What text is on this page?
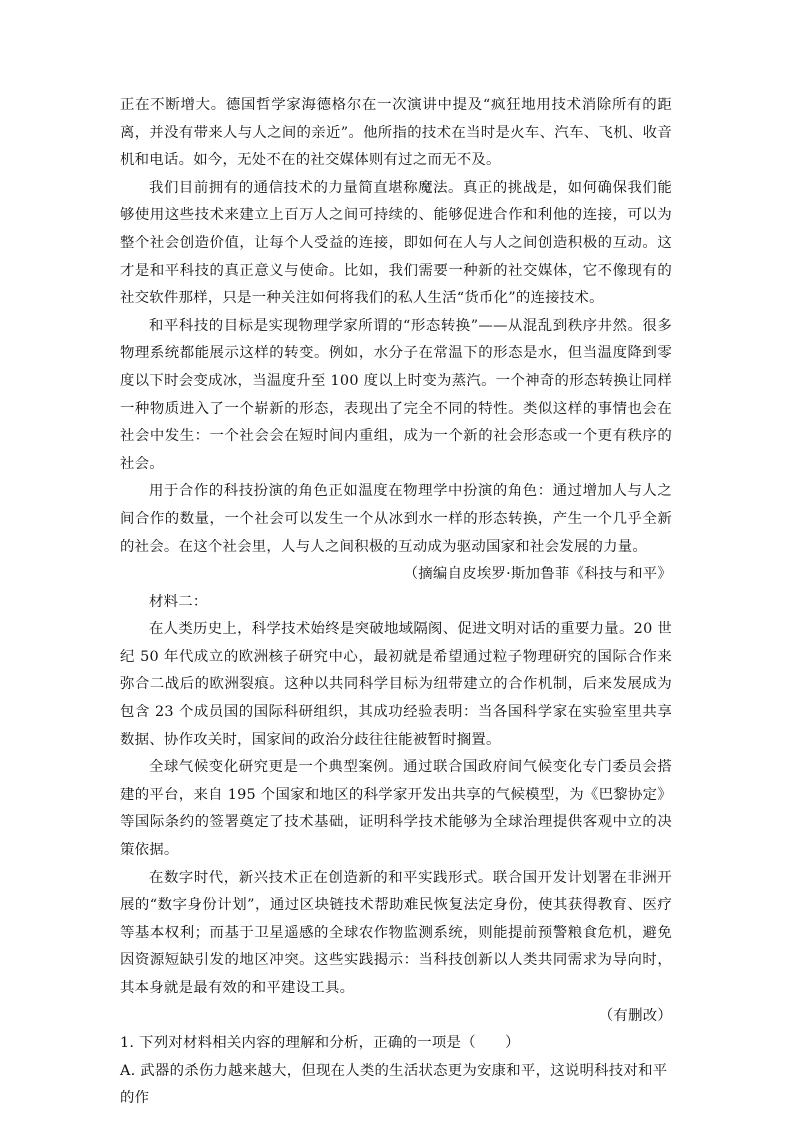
正在不断增大。德国哲学家海德格尔在一次演讲中提及“疯狂地用技术消除所有的距离，并没有带来人与人之间的亲近”。他所指的技术在当时是火车、汽车、飞机、收音机和电话。如今，无处不在的社交媒体则有过之而无不及。

我们目前拥有的通信技术的力量简直堪称魔法。真正的挑战是，如何确保我们能够使用这些技术来建立上百万人之间可持续的、能够促进合作和利他的连接，可以为整个社会创造价值，让每个人受益的连接，即如何在人与人之间创造积极的互动。这才是和平科技的真正意义与使命。比如，我们需要一种新的社交媒体，它不像现有的社交软件那样，只是一种关注如何将我们的私人生活“货币化”的连接技术。

和平科技的目标是实现物理学家所谓的“形态转换”——从混乱到秩序井然。很多物理系统都能展示这样的转变。例如，水分子在常温下的形态是水，但当温度降到零度以下时会变成冰，当温度升至 100 度以上时变为蒸汽。一个神奇的形态转换让同样一种物质进入了一个崭新的形态，表现出了完全不同的特性。类似这样的事情也会在社会中发生：一个社会会在短时间内重组，成为一个新的社会形态或一个更有秩序的社会。

用于合作的科技扮演的角色正如温度在物理学中扮演的角色：通过增加人与人之间合作的数量，一个社会可以发生一个从冰到水一样的形态转换，产生一个几乎全新的社会。在这个社会里，人与人之间积极的互动成为驱动国家和社会发展的力量。

（摘编自皮埃罗·斯加鲁菲《科技与和平》

材料二：

在人类历史上，科学技术始终是突破地域隔阂、促进文明对话的重要力量。20 世纪 50 年代成立的欧洲核子研究中心，最初就是希望通过粒子物理研究的国际合作来弥合二战后的欧洲裂痕。这种以共同科学目标为纽带建立的合作机制，后来发展成为包含 23 个成员国的国际科研组织，其成功经验表明：当各国科学家在实验室里共享数据、协作攻关时，国家间的政治分歧往往能被暂时搁置。

全球气候变化研究更是一个典型案例。通过联合国政府间气候变化专门委员会搭建的平台，来自 195 个国家和地区的科学家开发出共享的气候模型，为《巴黎协定》等国际条约的签署奠定了技术基础，证明科学技术能够为全球治理提供客观中立的决策依据。

在数字时代，新兴技术正在创造新的和平实践形式。联合国开发计划署在非洲开展的“数字身份计划”，通过区块链技术帮助难民恢复法定身份，使其获得教育、医疗等基本权利；而基于卫星遥感的全球农作物监测系统，则能提前预警粮食危机，避免因资源短缺引发的地区冲突。这些实践揭示：当科技创新以人类共同需求为导向时，其本身就是最有效的和平建设工具。

（有删改）

1. 下列对材料相关内容的理解和分析，正确的一项是（　　）

A. 武器的杀伤力越来越大，但现在人类的生活状态更为安康和平，这说明科技对和平的作
